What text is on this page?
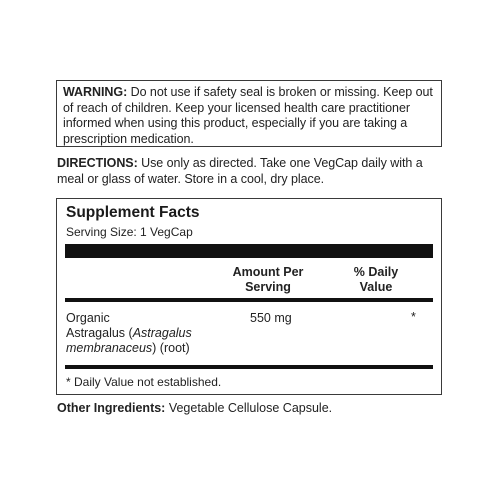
WARNING: Do not use if safety seal is broken or missing. Keep out of reach of children. Keep your licensed health care practitioner informed when using this product, especially if you are taking a prescription medication.
DIRECTIONS: Use only as directed. Take one VegCap daily with a meal or glass of water. Store in a cool, dry place.
Supplement Facts
Serving Size: 1 VegCap
Amount Per
Serving
% Daily
Value
Organic
Astragalus (Astragalus
membranaceus) (root)
550 mg	*
* Daily Value not established.
Other Ingredients: Vegetable Cellulose Capsule.
